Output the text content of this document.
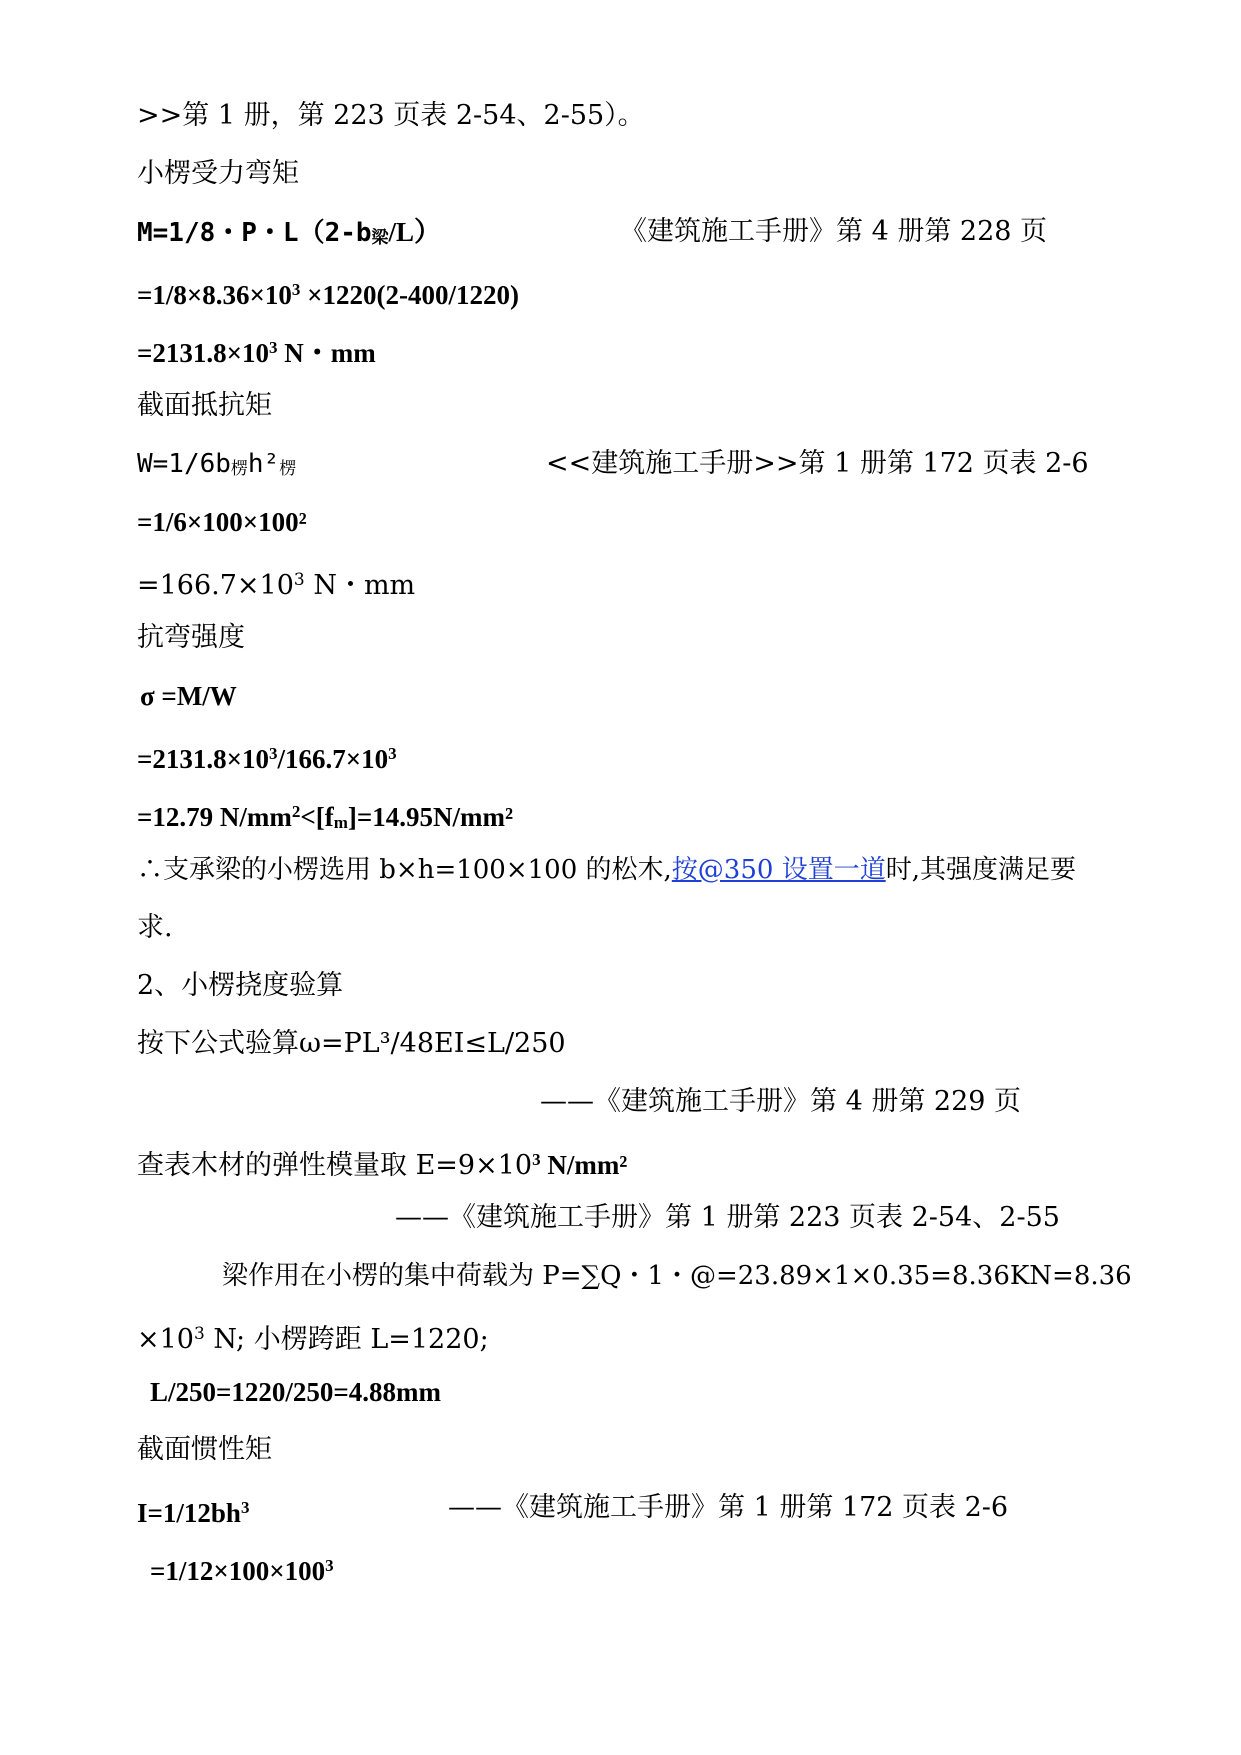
>>第 1 册，第 223 页表 2-54、2-55）。
小楞受力弯矩
M=1/8・P・L（2-b梁/L）	《建筑施工手册》第 4 册第 228 页
$=1/8\times 8.36\times 10^3 \times 1220(2-400/1220)$
$=2131.8\times 10^3$ N・mm
截面抵抗矩
W=1/6b楞h²楞	<<建筑施工手册>>第 1 册第 172 页表 2-6
=1/6×100×100²
$=166.7\times 10^3$ N・mm
抗弯强度
σ =M/W
$=2131.8\times 10^3/166.7\times 10^3$
=12.79 $N/mm^2<[fm]=14.95N$/mm²
∴支承梁的小楞选用 b×h=100×100 的松木,按@350 设置一道时,其强度满足要
求.
2、小楞挠度验算
按下公式验算ω=PL³/48EI≤L/250
——《建筑施工手册》第 4 册第 229 页
查表木材的弹性模量取 $E=9\times 10^3$ N/mm²
——《建筑施工手册》第 1 册第 223 页表 2-54、2-55
梁作用在小楞的集中荷载为 P=∑Q・1・@=23.89×1×0.35=8.36KN=8.36
$\times 10^3$ N; 小楞跨距 L=1220;
L/250=1220/250=4.88mm
截面惯性矩
$I=1/12bh^3$	——《建筑施工手册》第 1 册第 172 页表 2-6
$=1/12\times 100\times 100^3$
